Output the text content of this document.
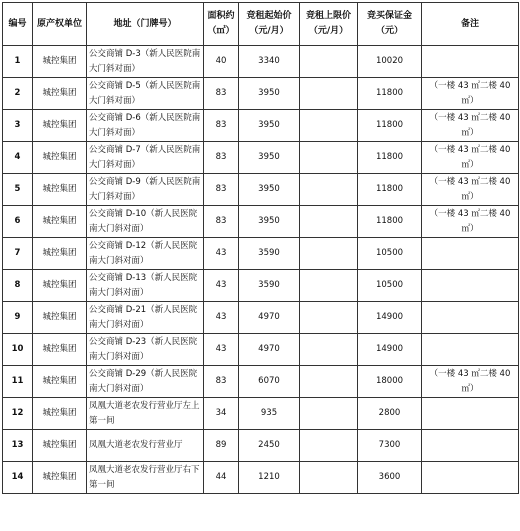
编号	原产权单位	地址（门牌号）	面积约（㎡）	竞租起始价（元/月）	竞租上限价（元/月）	竞买保证金（元）	备注
1	城控集团	公交商铺 D-3（新人民医院南大门斜对面）	40	3340		10020	
2	城控集团	公交商铺 D-5（新人民医院南大门斜对面）	83	3950		11800	（一楼 43 ㎡二楼 40 ㎡）
3	城控集团	公交商铺 D-6（新人民医院南大门斜对面）	83	3950		11800	（一楼 43 ㎡二楼 40 ㎡）
4	城控集团	公交商铺 D-7（新人民医院南大门斜对面）	83	3950		11800	（一楼 43 ㎡二楼 40 ㎡）
5	城控集团	公交商铺 D-9（新人民医院南大门斜对面）	83	3950		11800	（一楼 43 ㎡二楼 40 ㎡）
6	城控集团	公交商铺 D-10（新人民医院南大门斜对面）	83	3950		11800	（一楼 43 ㎡二楼 40 ㎡）
7	城控集团	公交商铺 D-12（新人民医院南大门斜对面）	43	3590		10500	
8	城控集团	公交商铺 D-13（新人民医院南大门斜对面）	43	3590		10500	
9	城控集团	公交商铺 D-21（新人民医院南大门斜对面）	43	4970		14900	
10	城控集团	公交商铺 D-23（新人民医院南大门斜对面）	43	4970		14900	
11	城控集团	公交商铺 D-29（新人民医院南大门斜对面）	83	6070		18000	（一楼 43 ㎡二楼 40 ㎡）
12	城控集团	凤凰大道老农发行营业厅左上第一间	34	935		2800	
13	城控集团	凤凰大道老农发行营业厅	89	2450		7300	
14	城控集团	凤凰大道老农发行营业厅右下第一间	44	1210		3600	
